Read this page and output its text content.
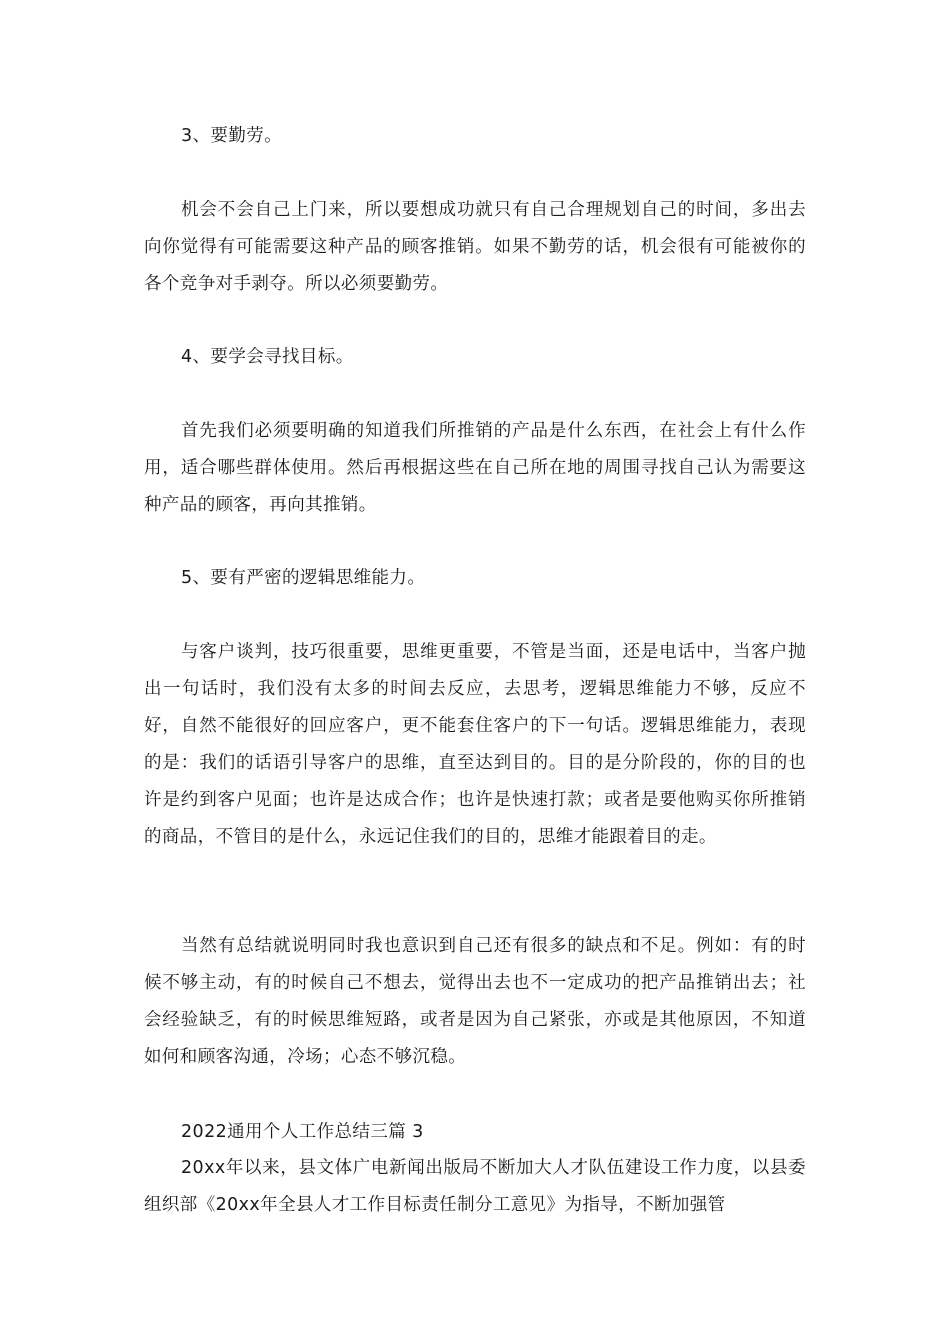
3、要勤劳。

机会不会自己上门来，所以要想成功就只有自己合理规划自己的时间，多出去向你觉得有可能需要这种产品的顾客推销。如果不勤劳的话，机会很有可能被你的各个竞争对手剥夺。所以必须要勤劳。

4、要学会寻找目标。

首先我们必须要明确的知道我们所推销的产品是什么东西，在社会上有什么作用，适合哪些群体使用。然后再根据这些在自己所在地的周围寻找自己认为需要这种产品的顾客，再向其推销。

5、要有严密的逻辑思维能力。

与客户谈判，技巧很重要，思维更重要，不管是当面，还是电话中，当客户抛出一句话时，我们没有太多的时间去反应，去思考，逻辑思维能力不够，反应不好，自然不能很好的回应客户，更不能套住客户的下一句话。逻辑思维能力，表现的是：我们的话语引导客户的思维，直至达到目的。目的是分阶段的，你的目的也许是约到客户见面；也许是达成合作；也许是快速打款；或者是要他购买你所推销的商品，不管目的是什么，永远记住我们的目的，思维才能跟着目的走。

当然有总结就说明同时我也意识到自己还有很多的缺点和不足。例如：有的时候不够主动，有的时候自己不想去，觉得出去也不一定成功的把产品推销出去；社会经验缺乏，有的时候思维短路，或者是因为自己紧张，亦或是其他原因，不知道如何和顾客沟通，冷场；心态不够沉稳。

2022通用个人工作总结三篇 3

20xx年以来，县文体广电新闻出版局不断加大人才队伍建设工作力度，以县委组织部《20xx年全县人才工作目标责任制分工意见》为指导，不断加强管
